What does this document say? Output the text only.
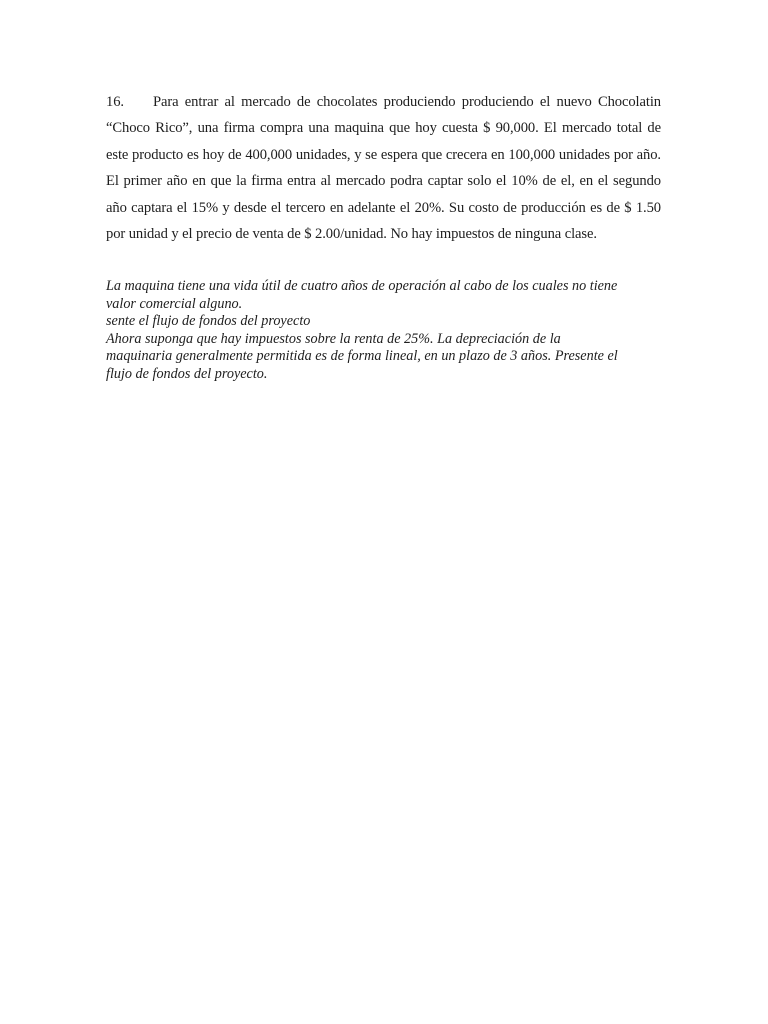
16. Para entrar al mercado de chocolates produciendo produciendo el nuevo Chocolatin “Choco Rico”, una firma compra una maquina que hoy cuesta $ 90,000. El mercado total de este producto es hoy de 400,000 unidades, y se espera que crecera en 100,000 unidades por año. El primer año en que la firma entra al mercado podra captar solo el 10% de el, en el segundo año captara el 15% y desde el tercero en adelante el 20%. Su costo de producción es de $ 1.50 por unidad y el precio de venta de $ 2.00/unidad. No hay impuestos de ninguna clase.

La maquina tiene una vida útil de cuatro años de operación al cabo de los cuales no tiene
valor comercial alguno.
sente el flujo de fondos del proyecto
Ahora suponga que hay impuestos sobre la renta de 25%. La depreciación de la
maquinaria generalmente permitida es de forma lineal, en un plazo de 3 años. Presente el
flujo de fondos del proyecto.
